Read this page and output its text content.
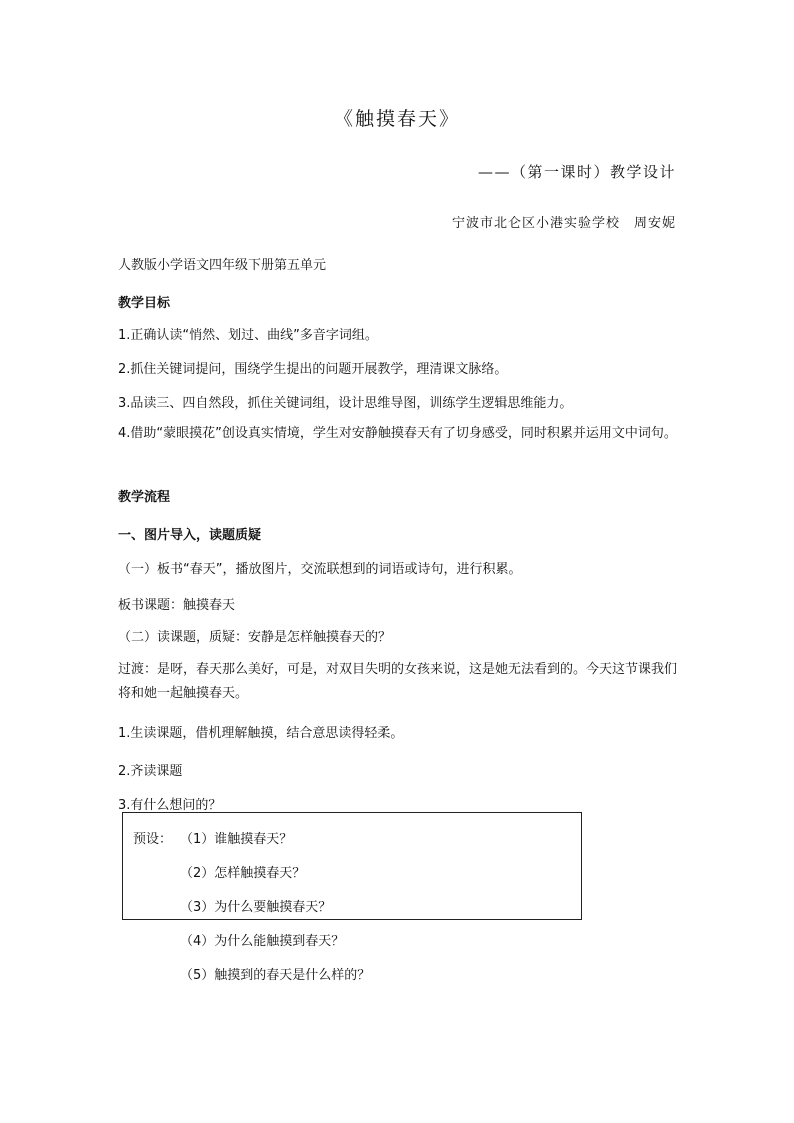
《触摸春天》
——（第一课时）教学设计
宁波市北仑区小港实验学校　周安妮
人教版小学语文四年级下册第五单元
教学目标
1.正确认读“悄然、划过、曲线”多音字词组。
2.抓住关键词提问，围绕学生提出的问题开展教学，理清课文脉络。
3.品读三、四自然段，抓住关键词组，设计思维导图，训练学生逻辑思维能力。
4.借助“蒙眼摸花”创设真实情境，学生对安静触摸春天有了切身感受，同时积累并运用文中词句。
教学流程
一、图片导入，读题质疑
（一）板书“春天”，播放图片，交流联想到的词语或诗句，进行积累。
板书课题：触摸春天
（二）读课题，质疑：安静是怎样触摸春天的？
过渡：是呀，春天那么美好，可是，对双目失明的女孩来说，这是她无法看到的。今天这节课我们将和她一起触摸春天。
1.生读课题，借机理解触摸，结合意思读得轻柔。
2.齐读课题
3.有什么想问的？
预设： （1）谁触摸春天？
（2）怎样触摸春天？
（3）为什么要触摸春天？
（4）为什么能触摸到春天？
（5）触摸到的春天是什么样的？
